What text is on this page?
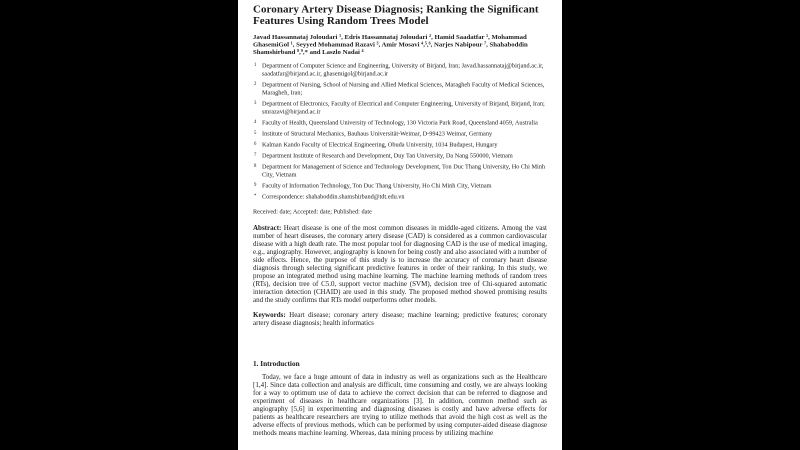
Coronary Artery Disease Diagnosis; Ranking the Significant Features Using Random Trees Model

Javad Hassannataj Joloudari ¹, Edris Hassannataj Joloudari ², Hamid Saadatfar ¹, Mohammad GhasemiGol ¹, Seyyed Mohammad Razavi ³, Amir Mosavi ⁴,⁵,⁶, Narjes Nabipour ⁷, Shahaboddin Shamshirband ⁸,⁹,* and Laszlo Nadai ⁴

1 Department of Computer Science and Engineering, University of Birjand, Iran; Javad.hassannataj@birjand.ac.ir, saadatfar@birjand.ac.ir, ghasemigol@birjand.ac.ir
2 Department of Nursing, School of Nursing and Allied Medical Sciences, Maragheh Faculty of Medical Sciences, Maragheh, Iran;
3 Department of Electronics, Faculty of Electrical and Computer Engineering, University of Birjand, Birjand, Iran; smrazavi@birjand.ac.ir
4 Faculty of Health, Queensland University of Technology, 130 Victoria Park Road, Queensland 4059, Australia
5 Institute of Structural Mechanics, Bauhaus Universität-Weimar, D-99423 Weimar, Germany
6 Kalman Kando Faculty of Electrical Engineering, Obuda University, 1034 Budapest, Hungary
7 Department Institute of Research and Development, Duy Tan University, Da Nang 550000, Vietnam
8 Department for Management of Science and Technology Development, Ton Duc Thang University, Ho Chi Minh City, Vietnam
9 Faculty of Information Technology, Ton Duc Thang University, Ho Chi Minh City, Vietnam
* Correspondence: shahaboddin.shamshirband@tdt.edu.vn

Received: date; Accepted: date; Published: date

Abstract: Heart disease is one of the most common diseases in middle-aged citizens. Among the vast number of heart diseases, the coronary artery disease (CAD) is considered as a common cardiovascular disease with a high death rate. The most popular tool for diagnosing CAD is the use of medical imaging, e.g., angiography. However, angiography is known for being costly and also associated with a number of side effects. Hence, the purpose of this study is to increase the accuracy of coronary heart disease diagnosis through selecting significant predictive features in order of their ranking. In this study, we propose an integrated method using machine learning. The machine learning methods of random trees (RTs), decision tree of C5.0, support vector machine (SVM), decision tree of Chi-squared automatic interaction detection (CHAID) are used in this study. The proposed method showed promising results and the study confirms that RTs model outperforms other models.

Keywords: Heart disease; coronary artery disease; machine learning; predictive features; coronary artery disease diagnosis; health informatics

1. Introduction

Today, we face a huge amount of data in industry as well as organizations such as the Healthcare [1,4]. Since data collection and analysis are difficult, time consuming and costly, we are always looking for a way to optimum use of data to achieve the correct decision that can be referred to diagnose and experiment of diseases in healthcare organizations [3]. In addition, common method such as angiography [5,6] in experimenting and diagnosing diseases is costly and have adverse effects for patients as healthcare researchers are trying to utilize methods that avoid the high cost as well as the adverse effects of previous methods, which can be performed by using computer-aided disease diagnose methods means machine learning. Whereas, data mining process by utilizing machine
